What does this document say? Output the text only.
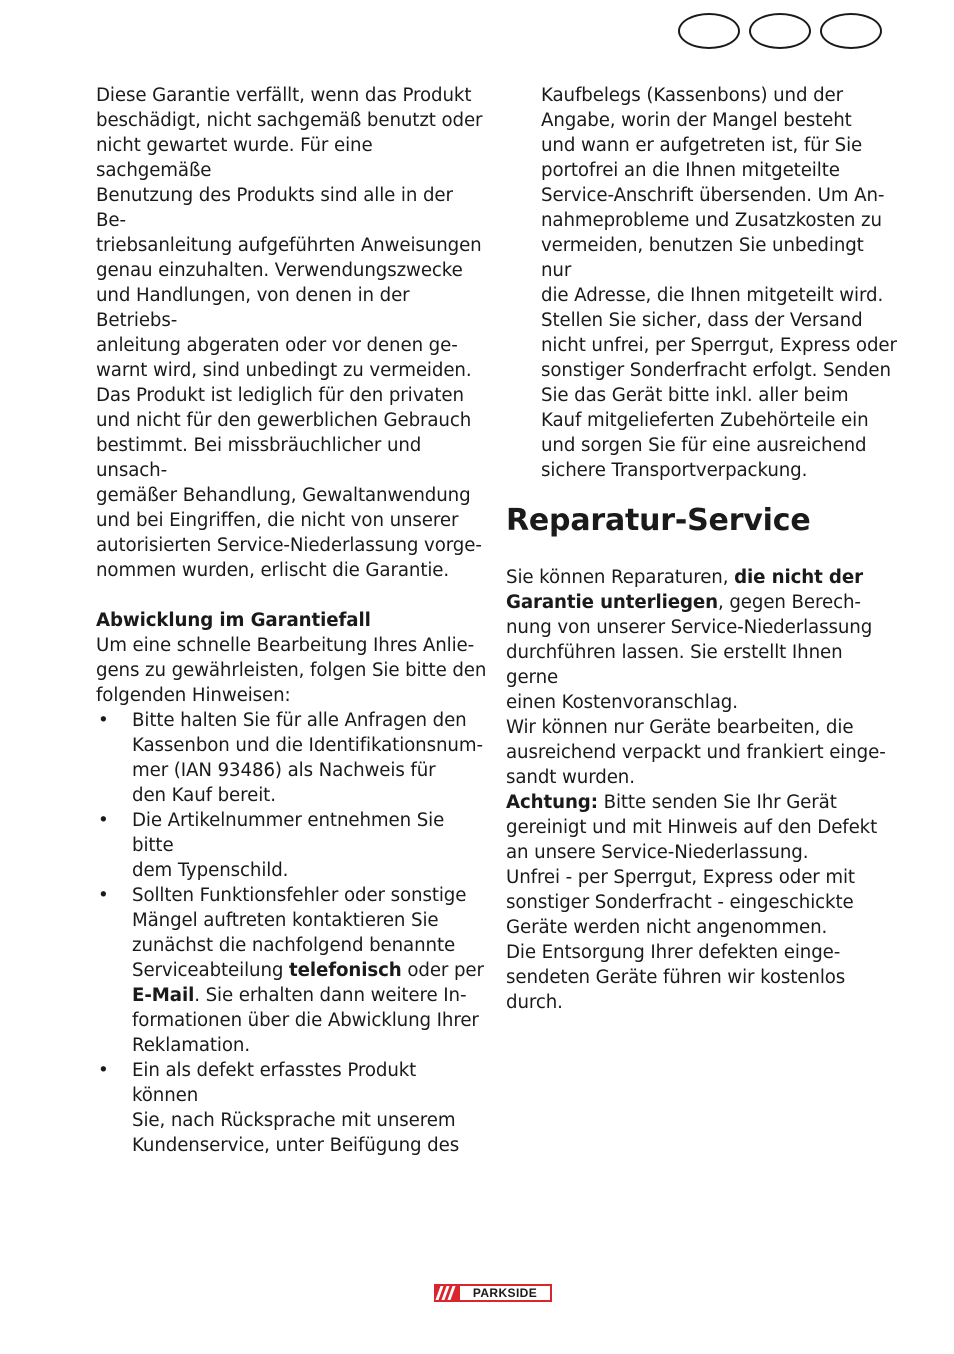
Diese Garantie verfällt, wenn das Produkt
beschädigt, nicht sachgemäß benutzt oder
nicht gewartet wurde. Für eine sachgemäße
Benutzung des Produkts sind alle in der Be-
triebsanleitung aufgeführten Anweisungen
genau einzuhalten. Verwendungszwecke
und Handlungen, von denen in der Betriebs-
anleitung abgeraten oder vor denen ge-
warnt wird, sind unbedingt zu vermeiden.
Das Produkt ist lediglich für den privaten
und nicht für den gewerblichen Gebrauch
bestimmt. Bei missbräuchlicher und unsach-
gemäßer Behandlung, Gewaltanwendung
und bei Eingriffen, die nicht von unserer
autorisierten Service-Niederlassung vorge-
nommen wurden, erlischt die Garantie.
Abwicklung im Garantiefall
Um eine schnelle Bearbeitung Ihres Anlie-
gens zu gewährleisten, folgen Sie bitte den
folgenden Hinweisen:
• Bitte halten Sie für alle Anfragen den
Kassenbon und die Identifikationsnum-
mer (IAN 93486) als Nachweis für
den Kauf bereit.
• Die Artikelnummer entnehmen Sie bitte
dem Typenschild.
• Sollten Funktionsfehler oder sonstige
Mängel auftreten kontaktieren Sie
zunächst die nachfolgend benannte
Serviceabteilung telefonisch oder per
E-Mail. Sie erhalten dann weitere In-
formationen über die Abwicklung Ihrer
Reklamation.
• Ein als defekt erfasstes Produkt können
Sie, nach Rücksprache mit unserem
Kundenservice, unter Beifügung des
Kaufbelegs (Kassenbons) und der
Angabe, worin der Mangel besteht
und wann er aufgetreten ist, für Sie
portofrei an die Ihnen mitgeteilte
Service-Anschrift übersenden. Um An-
nahmeprobleme und Zusatzkosten zu
vermeiden, benutzen Sie unbedingt nur
die Adresse, die Ihnen mitgeteilt wird.
Stellen Sie sicher, dass der Versand
nicht unfrei, per Sperrgut, Express oder
sonstiger Sonderfracht erfolgt. Senden
Sie das Gerät bitte inkl. aller beim
Kauf mitgelieferten Zubehörteile ein
und sorgen Sie für eine ausreichend
sichere Transportverpackung.
Reparatur-Service
Sie können Reparaturen, die nicht der
Garantie unterliegen, gegen Berech-
nung von unserer Service-Niederlassung
durchführen lassen. Sie erstellt Ihnen gerne
einen Kostenvoranschlag.
Wir können nur Geräte bearbeiten, die
ausreichend verpackt und frankiert einge-
sandt wurden.
Achtung: Bitte senden Sie Ihr Gerät
gereinigt und mit Hinweis auf den Defekt
an unsere Service-Niederlassung.
Unfrei - per Sperrgut, Express oder mit
sonstiger Sonderfracht - eingeschickte
Geräte werden nicht angenommen.
Die Entsorgung Ihrer defekten einge-
sendeten Geräte führen wir kostenlos
durch.
PARKSIDE
